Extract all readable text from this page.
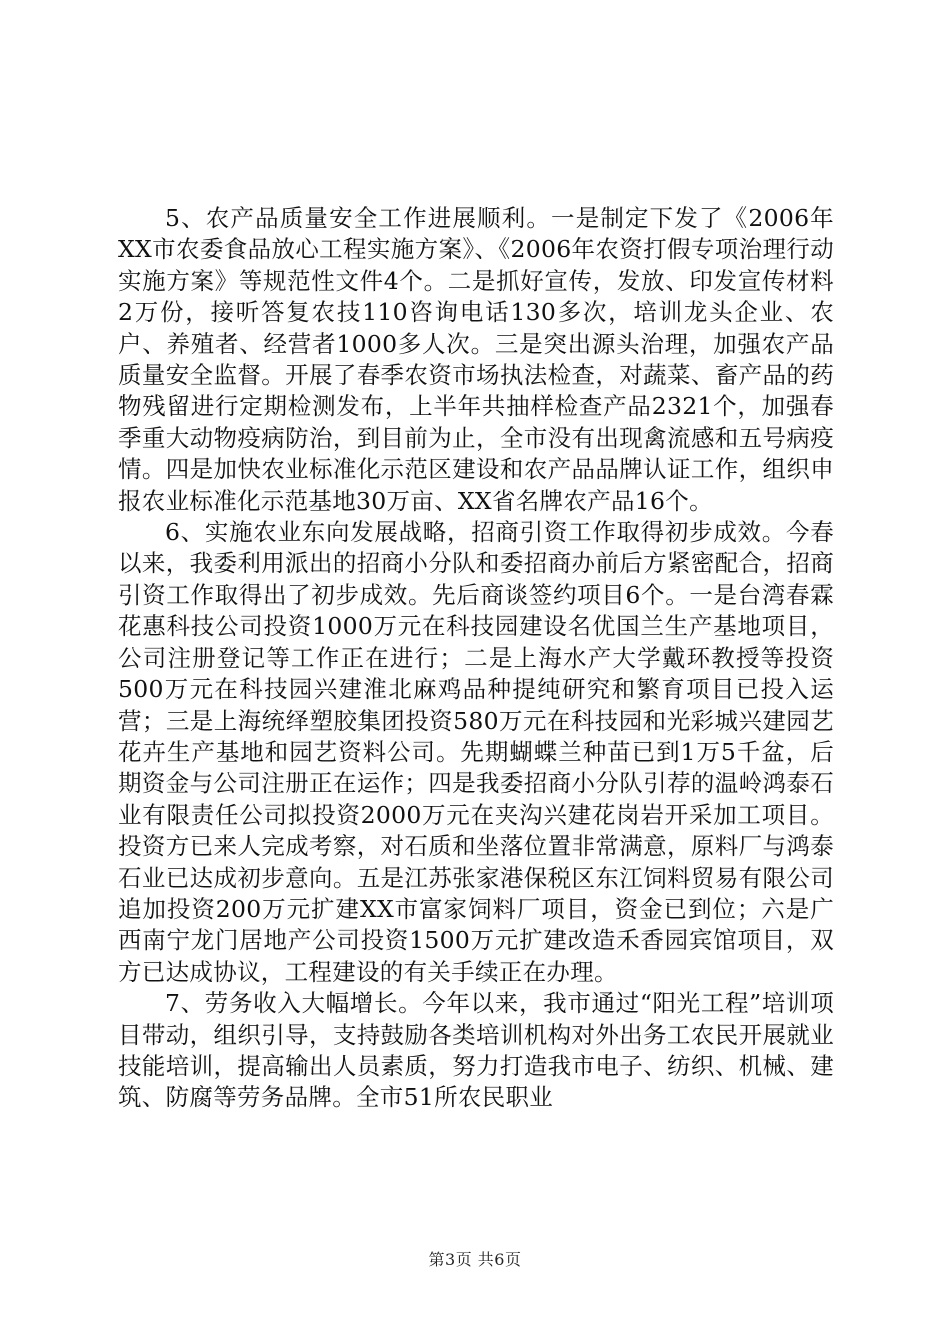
5、农产品质量安全工作进展顺利。一是制定下发了《2006年XX市农委食品放心工程实施方案》、《2006年农资打假专项治理行动实施方案》等规范性文件4个。二是抓好宣传，发放、印发宣传材料2万份，接听答复农技110咨询电话130多次，培训龙头企业、农户、养殖者、经营者1000多人次。三是突出源头治理，加强农产品质量安全监督。开展了春季农资市场执法检查，对蔬菜、畜产品的药物残留进行定期检测发布，上半年共抽样检查产品2321个，加强春季重大动物疫病防治，到目前为止，全市没有出现禽流感和五号病疫情。四是加快农业标准化示范区建设和农产品品牌认证工作，组织申报农业标准化示范基地30万亩、XX省名牌农产品16个。

6、实施农业东向发展战略，招商引资工作取得初步成效。今春以来，我委利用派出的招商小分队和委招商办前后方紧密配合，招商引资工作取得出了初步成效。先后商谈签约项目6个。一是台湾春霖花惠科技公司投资1000万元在科技园建设名优国兰生产基地项目，公司注册登记等工作正在进行；二是上海水产大学戴环教授等投资500万元在科技园兴建淮北麻鸡品种提纯研究和繁育项目已投入运营；三是上海统绎塑胶集团投资580万元在科技园和光彩城兴建园艺花卉生产基地和园艺资料公司。先期蝴蝶兰种苗已到1万5千盆，后期资金与公司注册正在运作；四是我委招商小分队引荐的温岭鸿泰石业有限责任公司拟投资2000万元在夹沟兴建花岗岩开采加工项目。投资方已来人完成考察，对石质和坐落位置非常满意，原料厂与鸿泰石业已达成初步意向。五是江苏张家港保税区东江饲料贸易有限公司追加投资200万元扩建XX市富家饲料厂项目，资金已到位；六是广西南宁龙门居地产公司投资1500万元扩建改造禾香园宾馆项目，双方已达成协议，工程建设的有关手续正在办理。

7、劳务收入大幅增长。今年以来，我市通过“阳光工程”培训项目带动，组织引导，支持鼓励各类培训机构对外出务工农民开展就业技能培训，提高输出人员素质，努力打造我市电子、纺织、机械、建筑、防腐等劳务品牌。全市51所农民职业

第3页 共6页
